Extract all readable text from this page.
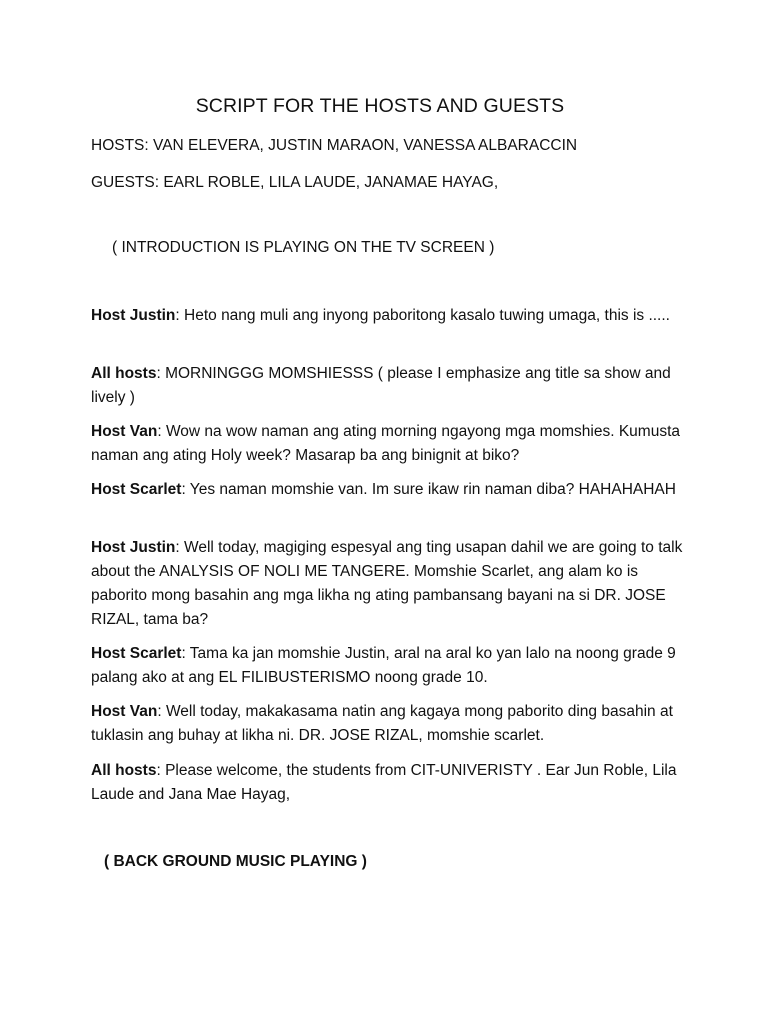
SCRIPT FOR THE HOSTS AND GUESTS
HOSTS: VAN ELEVERA, JUSTIN MARAON, VANESSA ALBARACCIN
GUESTS: EARL ROBLE, LILA LAUDE, JANAMAE HAYAG,
( INTRODUCTION IS PLAYING ON THE TV SCREEN )
Host Justin: Heto nang muli ang inyong paboritong kasalo tuwing umaga, this is .....
All hosts: MORNINGGG MOMSHIESSS ( please I emphasize ang title sa show and lively )
Host Van: Wow na wow naman ang ating morning ngayong mga momshies. Kumusta naman ang ating Holy week? Masarap ba ang binignit at biko?
Host Scarlet: Yes naman momshie van. Im sure ikaw rin naman diba? HAHAHAHAH
Host Justin: Well today, magiging espesyal ang ting usapan dahil we are going to talk about the ANALYSIS OF NOLI ME TANGERE. Momshie Scarlet, ang alam ko is paborito mong basahin ang mga likha ng ating pambansang bayani na si DR. JOSE RIZAL, tama ba?
Host Scarlet: Tama ka jan momshie Justin, aral na aral ko yan lalo na noong grade 9 palang ako at ang EL FILIBUSTERISMO noong grade 10.
Host Van: Well today, makakasama natin ang kagaya mong paborito ding basahin at tuklasin ang buhay at likha ni. DR. JOSE RIZAL, momshie scarlet.
All hosts: Please welcome, the students from CIT-UNIVERISTY . Ear Jun Roble, Lila Laude and Jana Mae Hayag,
( BACK GROUND MUSIC PLAYING )
